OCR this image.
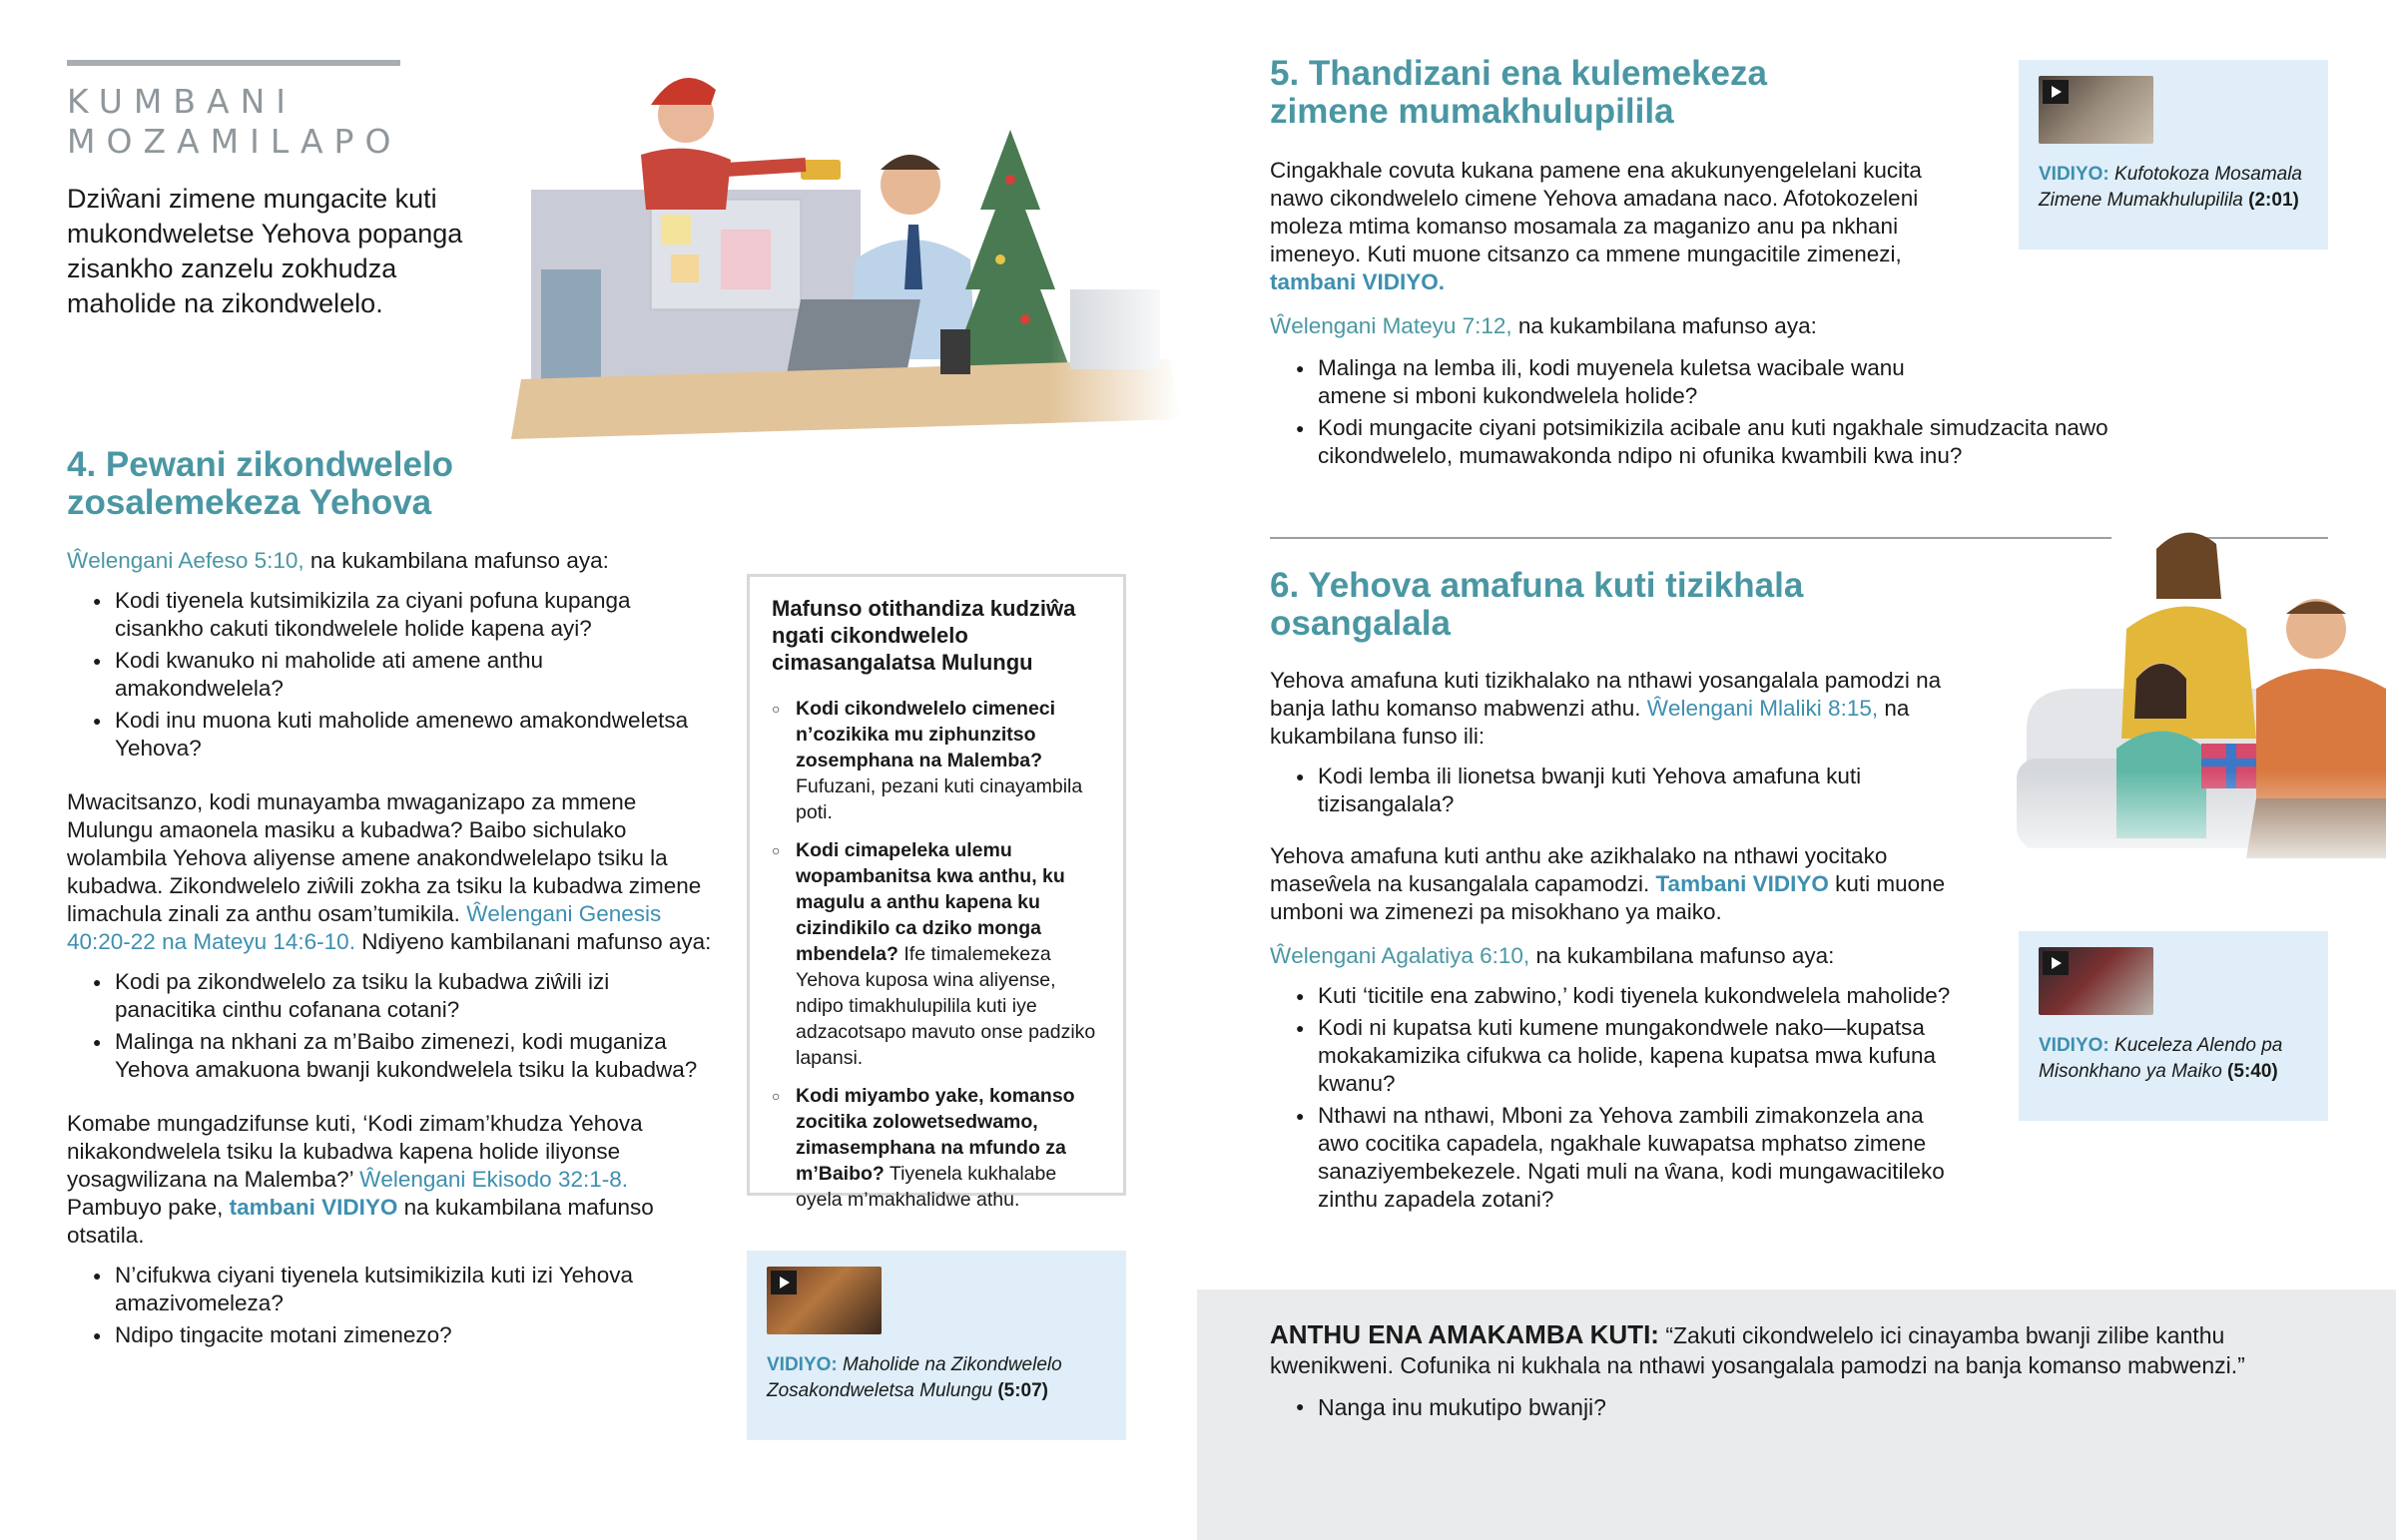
KUMBANI
MOZAMILAPO
Dziŵani zimene mungacite kuti mukondweletse Yehova popanga zisankho zanzelu zokhudza maholide na zikondwelelo.
4. Pewani zikondwelelo
zosalemekeza Yehova

Ŵelengani Aefeso 5:10, na kukambilana mafunso aya:

● Kodi tiyenela kutsimikizila za ciyani pofuna kupanga cisankho cakuti tikondwelele holide kapena ayi?
● Kodi kwanuko ni maholide ati amene anthu amakondwelela?
● Kodi inu muona kuti maholide amenewo amakondweletsa Yehova?

Mwacitsanzo, kodi munayamba mwaganizapo za mmene Mulungu amaonela masiku a kubadwa? Baibo sichulako wolambila Yehova aliyense amene anakondwelelapo tsiku la kubadwa. Zikondwelelo ziŵili zokha za tsiku la kubadwa zimene limachula zinali za anthu osam’tumikila. Ŵelengani Genesis 40:20-22 na Mateyu 14:6-10. Ndiyeno kambilanani mafunso aya:

● Kodi pa zikondwelelo za tsiku la kubadwa ziŵili izi panacitika cinthu cofanana cotani?
● Malinga na nkhani za m’Baibo zimenezi, kodi muganiza Yehova amakuona bwanji kukondwelela tsiku la kubadwa?

Komabe mungadzifunse kuti, ‘Kodi zimam’khudza Yehova nikakondwelela tsiku la kubadwa kapena holide iliyonse yosagwilizana na Malemba?’ Ŵelengani Ekisodo 32:1-8. Pambuyo pake, tambani VIDIYO na kukambilana mafunso otsatila.

● N’cifukwa ciyani tiyenela kutsimikizila kuti izi Yehova amazivomeleza?
● Ndipo tingacite motani zimenezo?
Mafunso otithandiza kudziŵa ngati cikondwelelo cimasangalatsa Mulungu
○ Kodi cikondwelelo cimeneci n’cozikika mu ziphunzitso zosemphana na Malemba? Fufuzani, pezani kuti cinayambila poti.
○ Kodi cimapeleka ulemu wopambanitsa kwa anthu, ku magulu a anthu kapena ku cizindikilo ca dziko monga mbendela? Ife timalemekeza Yehova kuposa wina aliyense, ndipo timakhulupilila kuti iye adzacotsapo mavuto onse padziko lapansi.
○ Kodi miyambo yake, komanso zocitika zolowetsedwamo, zimasemphana na mfundo za m’Baibo? Tiyenela kukhalabe oyela m’makhalidwe athu.
VIDIYO: Maholide na Zikondwelelo Zosakondweletsa Mulungu (5:07)
5. Thandizani ena kulemekeza
zimene mumakhulupilila

Cingakhale covuta kukana pamene ena akukunyengelelani kucita nawo cikondwelelo cimene Yehova amadana naco. Afotokozeleni moleza mtima komanso mosamala za maganizo anu pa nkhani imeneyo. Kuti muone citsanzo ca mmene mungacitile zimenezi, tambani VIDIYO.

Ŵelengani Mateyu 7:12, na kukambilana mafunso aya:

● Malinga na lemba ili, kodi muyenela kuletsa wacibale wanu amene si mboni kukondwelela holide?
● Kodi mungacite ciyani potsimikizila acibale anu kuti ngakhale simudzacita nawo cikondwelelo, mumawakonda ndipo ni ofunika kwambili kwa inu?
VIDIYO: Kufotokoza Mosamala Zimene Mumakhulupilila (2:01)
6. Yehova amafuna kuti tizikhala
osangalala

Yehova amafuna kuti tizikhalako na nthawi yosangalala pamodzi na banja lathu komanso mabwenzi athu. Ŵelengani Mlaliki 8:15, na kukambilana funso ili:

● Kodi lemba ili lionetsa bwanji kuti Yehova amafuna kuti tizisangalala?

Yehova amafuna kuti anthu ake azikhalako na nthawi yocitako maseŵela na kusangalala capamodzi. Tambani VIDIYO kuti muone umboni wa zimenezi pa misokhano ya maiko.

Ŵelengani Agalatiya 6:10, na kukambilana mafunso aya:

● Kuti ‘ticitile ena zabwino,’ kodi tiyenela kukondwelela maholide?
● Kodi ni kupatsa kuti kumene mungakondwele nako—kupatsa mokakamizika cifukwa ca holide, kapena kupatsa mwa kufuna kwanu?
● Nthawi na nthawi, Mboni za Yehova zambili zimakonzela ana awo cocitika capadela, ngakhale kuwapatsa mphatso zimene sanaziyembekezele. Ngati muli na ŵana, kodi mungawacitileko zinthu zapadela zotani?
VIDIYO: Kuceleza Alendo pa Misonkhano ya Maiko (5:40)

ANTHU ENA AMAKAMBA KUTI: “Zakuti cikondwelelo ici cinayamba bwanji zilibe kanthu kwenikweni. Cofunika ni kukhala na nthawi yosangalala pamodzi na banja komanso mabwenzi.”

● Nanga inu mukutipo bwanji?
